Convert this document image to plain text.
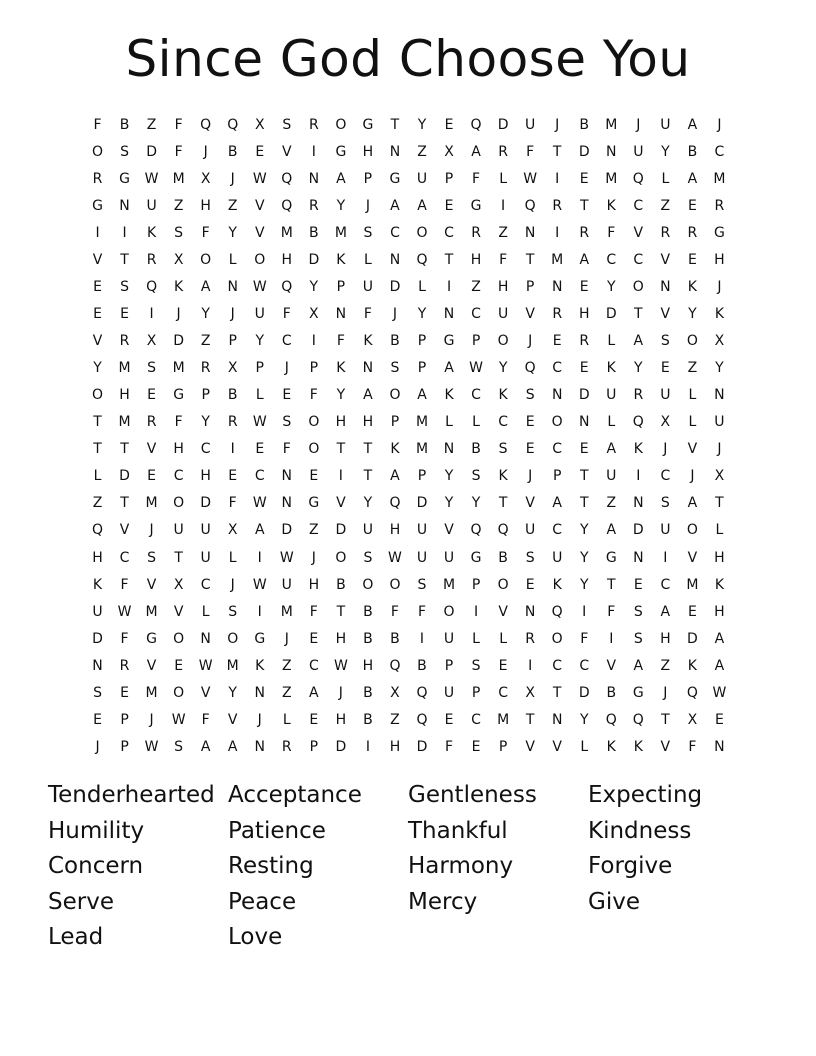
Since God Choose You
F	B	Z	F	Q	Q	X	S	R	O	G	T	Y	E	Q	D	U	J	B	M	J	U	A	J
O	S	D	F	J	B	E	V	I	G	H	N	Z	X	A	R	F	T	D	N	U	Y	B	C
R	G	W	M	X	J	W	Q	N	A	P	G	U	P	F	L	W	I	E	M	Q	L	A	M
G	N	U	Z	H	Z	V	Q	R	Y	J	A	A	E	G	I	Q	R	T	K	C	Z	E	R
I	I	K	S	F	Y	V	M	B	M	S	C	O	C	R	Z	N	I	R	F	V	R	R	G
V	T	R	X	O	L	O	H	D	K	L	N	Q	T	H	F	T	M	A	C	C	V	E	H
E	S	Q	K	A	N	W	Q	Y	P	U	D	L	I	Z	H	P	N	E	Y	O	N	K	J
E	E	I	J	Y	J	U	F	X	N	F	J	Y	N	C	U	V	R	H	D	T	V	Y	K
V	R	X	D	Z	P	Y	C	I	F	K	B	P	G	P	O	J	E	R	L	A	S	O	X
Y	M	S	M	R	X	P	J	P	K	N	S	P	A	W	Y	Q	C	E	K	Y	E	Z	Y
O	H	E	G	P	B	L	E	F	Y	A	O	A	K	C	K	S	N	D	U	R	U	L	N
T	M	R	F	Y	R	W	S	O	H	H	P	M	L	L	C	E	O	N	L	Q	X	L	U
T	T	V	H	C	I	E	F	O	T	T	K	M	N	B	S	E	C	E	A	K	J	V	J
L	D	E	C	H	E	C	N	E	I	T	A	P	Y	S	K	J	P	T	U	I	C	J	X
Z	T	M	O	D	F	W	N	G	V	Y	Q	D	Y	Y	T	V	A	T	Z	N	S	A	T
Q	V	J	U	U	X	A	D	Z	D	U	H	U	V	Q	Q	U	C	Y	A	D	U	O	L
H	C	S	T	U	L	I	W	J	O	S	W	U	U	G	B	S	U	Y	G	N	I	V	H
K	F	V	X	C	J	W	U	H	B	O	O	S	M	P	O	E	K	Y	T	E	C	M	K
U	W	M	V	L	S	I	M	F	T	B	F	F	O	I	V	N	Q	I	F	S	A	E	H
D	F	G	O	N	O	G	J	E	H	B	B	I	U	L	L	R	O	F	I	S	H	D	A
N	R	V	E	W	M	K	Z	C	W	H	Q	B	P	S	E	I	C	C	V	A	Z	K	A
S	E	M	O	V	Y	N	Z	A	J	B	X	Q	U	P	C	X	T	D	B	G	J	Q	W
E	P	J	W	F	V	J	L	E	H	B	Z	Q	E	C	M	T	N	Y	Q	Q	T	X	E
J	P	W	S	A	A	N	R	P	D	I	H	D	F	E	P	V	V	L	K	K	V	F	N
Tenderhearted
Humility
Concern
Serve
Lead
Acceptance
Patience
Resting
Peace
Love
Gentleness
Thankful
Harmony
Mercy
Expecting
Kindness
Forgive
Give
